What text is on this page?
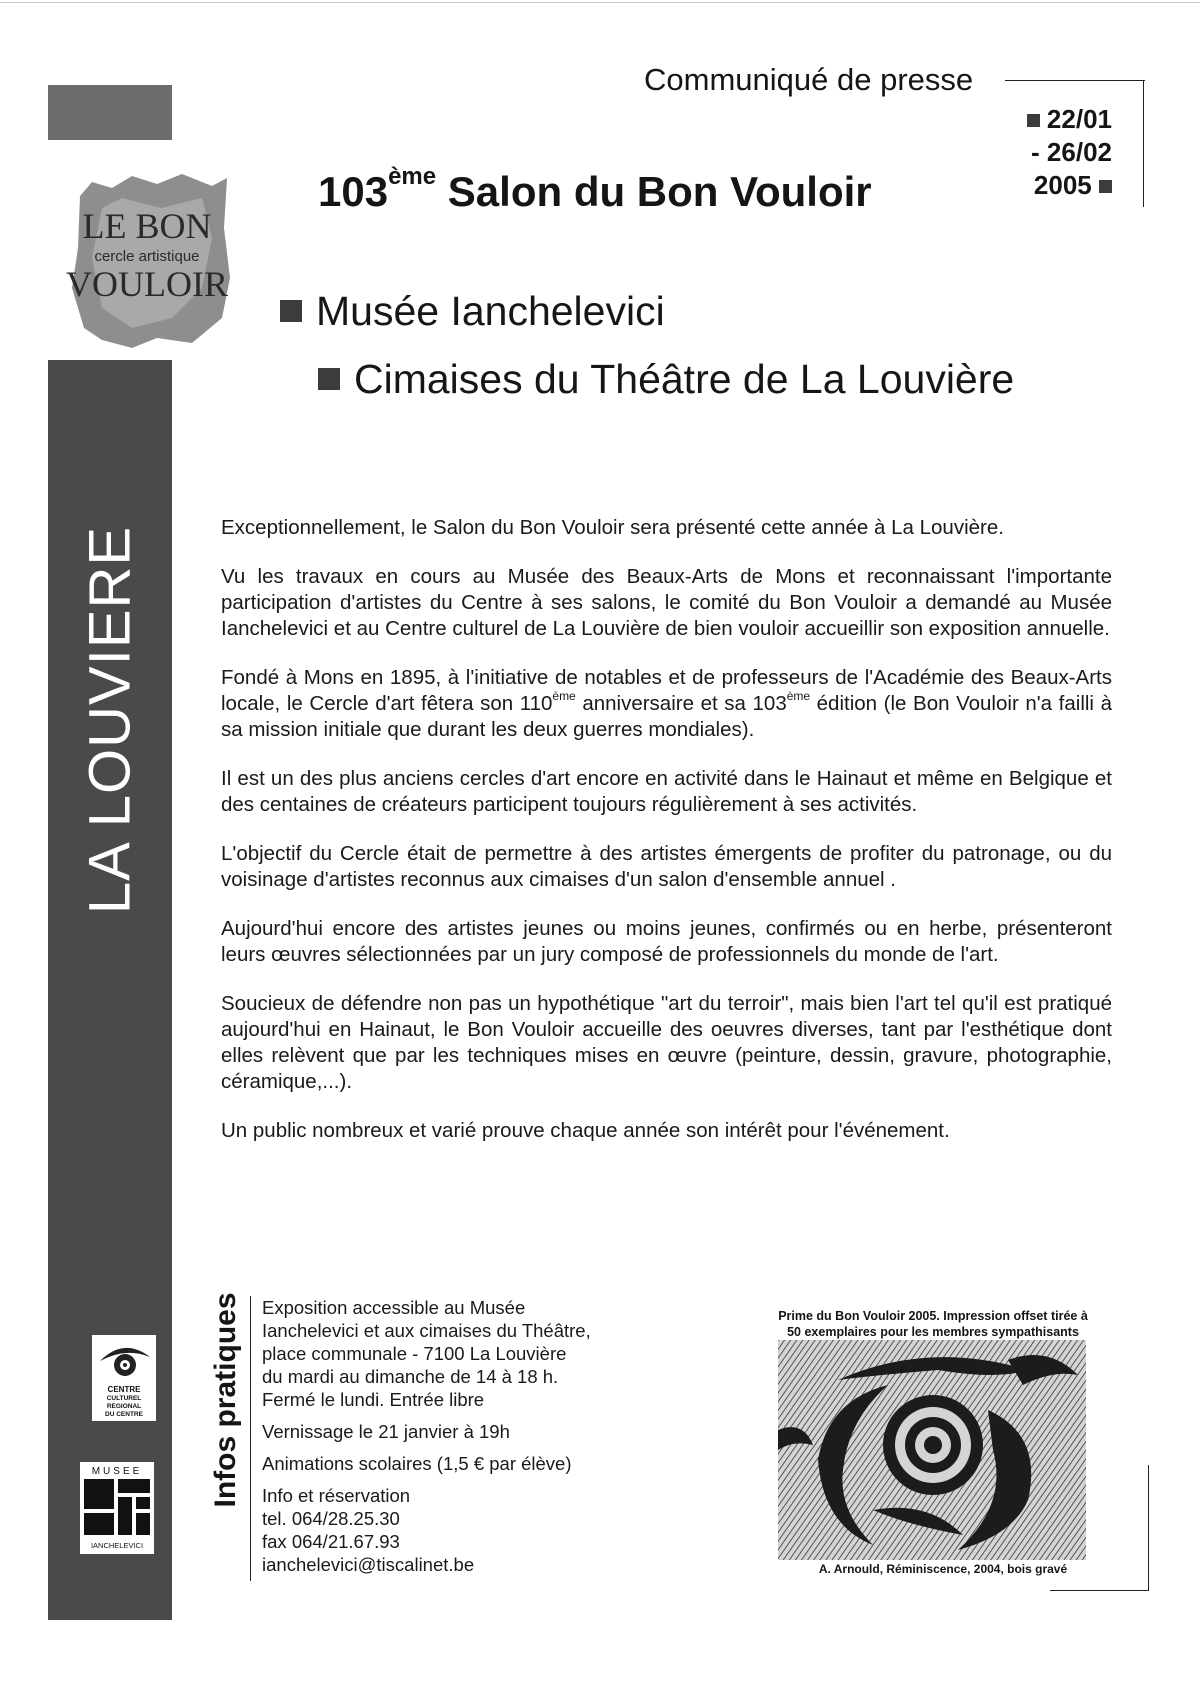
LE BON
cercle artistique
VOULOIR
LA LOUVIERE
Communiqué de presse
22/01
- 26/02
2005
103ème Salon du Bon Vouloir
Musée Ianchelevici
Cimaises du Théâtre de La Louvière

Exceptionnellement, le Salon du Bon Vouloir sera présenté cette année à La Louvière.

Vu les travaux en cours au Musée des Beaux-Arts de Mons et reconnaissant l'importante participation d'artistes du Centre à ses salons, le comité du Bon Vouloir a demandé au Musée Ianchelevici et au Centre culturel de La Louvière de bien vouloir accueillir son exposition annuelle.

Fondé à Mons en 1895, à l'initiative de notables et de professeurs de l'Académie des Beaux-Arts locale, le Cercle d'art fêtera son 110ème anniversaire et sa 103ème édition (le Bon Vouloir n'a failli à sa mission initiale que durant les deux guerres mondiales).

Il est un des plus anciens cercles d'art encore en activité dans le Hainaut et même en Belgique et des centaines de créateurs participent toujours régulièrement à ses activités.

L'objectif du Cercle était de permettre à des artistes émergents de profiter du patronage, ou du voisinage d'artistes reconnus aux cimaises d'un salon d'ensemble annuel .

Aujourd'hui encore des artistes jeunes ou moins jeunes, confirmés ou en herbe, présenteront leurs œuvres sélectionnées par un jury composé de professionnels du monde de l'art.

Soucieux de défendre non pas un hypothétique "art du terroir", mais bien l'art tel qu'il est pratiqué aujourd'hui en Hainaut, le Bon Vouloir accueille des oeuvres diverses, tant par l'esthétique dont elles relèvent que par les techniques mises en œuvre (peinture, dessin, gravure, photographie, céramique,...).

Un public nombreux et varié prouve chaque année son intérêt pour l'événement.

CENTRE
CULTUREL
REGIONAL
DU CENTRE
MUSEE
IANCHELEVICI
Infos pratiques Exposition accessible au Musée
Ianchelevici et aux cimaises du Théâtre,
place communale - 7100 La Louvière
du mardi au dimanche de 14 à 18 h.
Fermé le lundi. Entrée libre

Vernissage le 21 janvier à 19h

Animations scolaires (1,5 € par élève)

Info et réservation
tel. 064/28.25.30
fax 064/21.67.93
ianchelevici@tiscalinet.be

Prime du Bon Vouloir 2005. Impression offset tirée à
50 exemplaires pour les membres sympathisants
A. Arnould, Réminiscence, 2004, bois gravé
